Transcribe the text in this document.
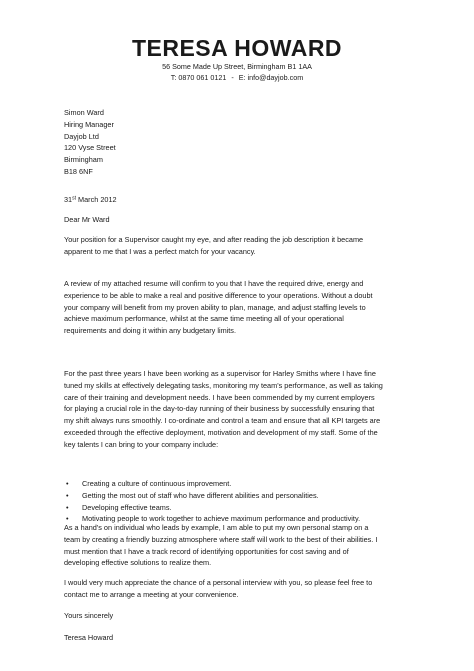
TERESA HOWARD
56 Some Made Up Street, Birmingham B1 1AA
T: 0870 061 0121 - E: info@dayjob.com
Simon Ward
Hiring Manager
Dayjob Ltd
120 Vyse Street
Birmingham
B18 6NF
31st March 2012
Dear Mr Ward
Your position for a Supervisor caught my eye, and after reading the job description it became
apparent to me that I was a perfect match for your vacancy.
A review of my attached resume will confirm to you that I have the required drive, energy and
experience to be able to make a real and positive difference to your operations. Without a doubt
your company will benefit from my proven ability to plan, manage, and adjust staffing levels to
achieve maximum performance, whilst at the same time meeting all of your operational
requirements and doing it within any budgetary limits.
For the past three years I have been working as a supervisor for Harley Smiths where I have fine
tuned my skills at effectively delegating tasks, monitoring my team's performance, as well as taking
care of their training and development needs. I have been commended by my current employers
for playing a crucial role in the day-to-day running of their business by successfully ensuring that
my shift always runs smoothly. I co-ordinate and control a team and ensure that all KPI targets are
exceeded through the effective deployment, motivation and development of my staff. Some of the
key talents I can bring to your company include:
• Creating a culture of continuous improvement.
• Getting the most out of staff who have different abilities and personalities.
• Developing effective teams.
• Motivating people to work together to achieve maximum performance and productivity.
As a hand's on individual who leads by example, I am able to put my own personal stamp on a
team by creating a friendly buzzing atmosphere where staff will work to the best of their abilities. I
must mention that I have a track record of identifying opportunities for cost saving and of
developing effective solutions to realize them.
I would very much appreciate the chance of a personal interview with you, so please feel free to
contact me to arrange a meeting at your convenience.
Yours sincerely
Teresa Howard
